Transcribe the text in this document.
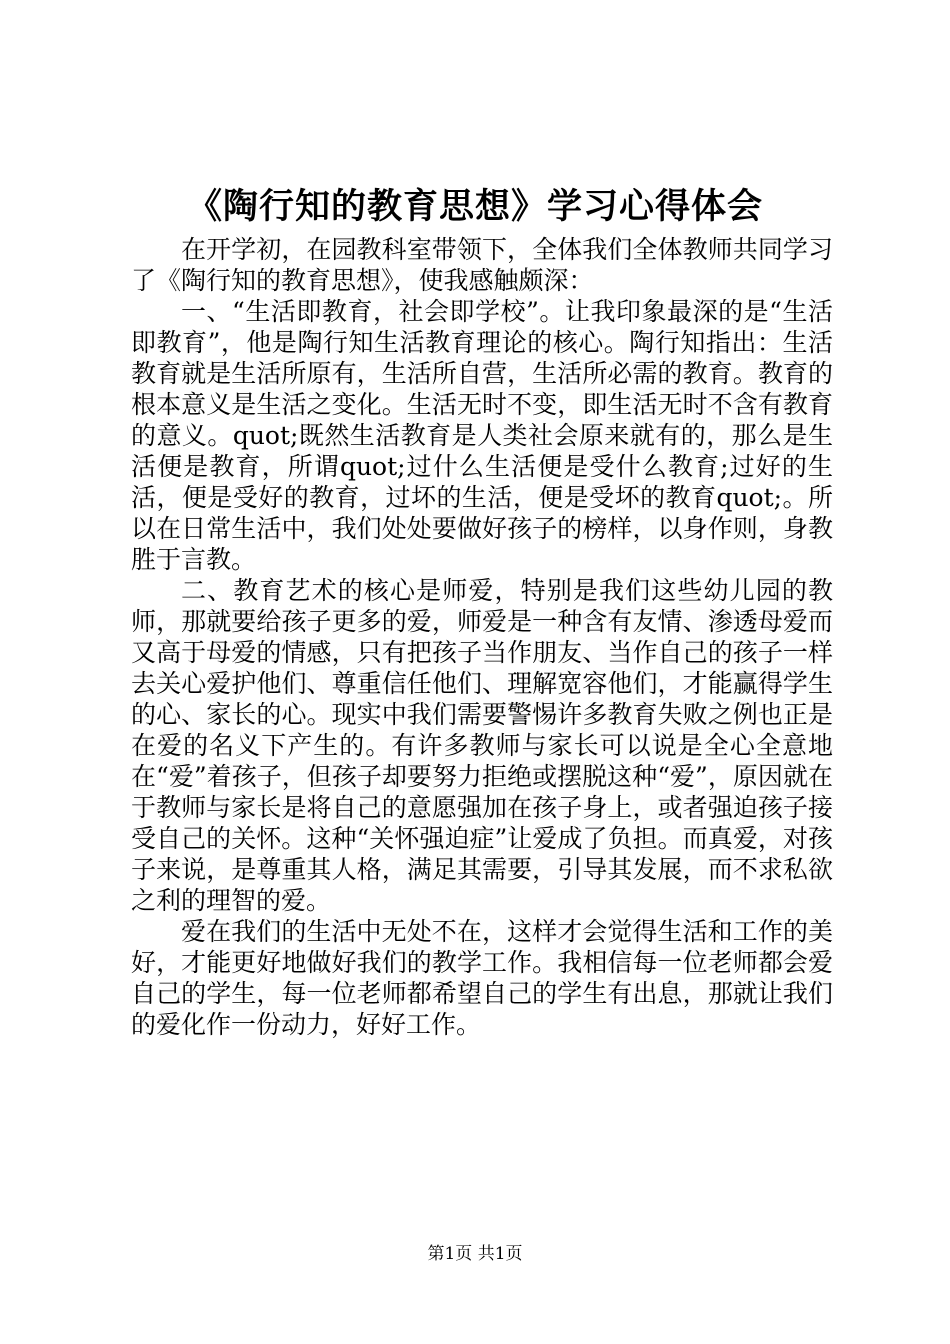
《陶行知的教育思想》学习心得体会

在开学初，在园教科室带领下，全体我们全体教师共同学习了《陶行知的教育思想》，使我感触颇深：

一、“生活即教育，社会即学校”。让我印象最深的是“生活即教育”，他是陶行知生活教育理论的核心。陶行知指出：生活教育就是生活所原有，生活所自营，生活所必需的教育。教育的根本意义是生活之变化。生活无时不变，即生活无时不含有教育的意义。quot;既然生活教育是人类社会原来就有的，那么是生活便是教育，所谓quot;过什么生活便是受什么教育;过好的生活，便是受好的教育，过坏的生活，便是受坏的教育quot;。所以在日常生活中，我们处处要做好孩子的榜样，以身作则，身教胜于言教。

二、教育艺术的核心是师爱，特别是我们这些幼儿园的教师，那就要给孩子更多的爱，师爱是一种含有友情、渗透母爱而又高于母爱的情感，只有把孩子当作朋友、当作自己的孩子一样去关心爱护他们、尊重信任他们、理解宽容他们，才能赢得学生的心、家长的心。现实中我们需要警惕许多教育失败之例也正是在爱的名义下产生的。有许多教师与家长可以说是全心全意地在“爱”着孩子，但孩子却要努力拒绝或摆脱这种“爱”，原因就在于教师与家长是将自己的意愿强加在孩子身上，或者强迫孩子接受自己的关怀。这种“关怀强迫症”让爱成了负担。而真爱，对孩子来说，是尊重其人格，满足其需要，引导其发展，而不求私欲之利的理智的爱。

爱在我们的生活中无处不在，这样才会觉得生活和工作的美好，才能更好地做好我们的教学工作。我相信每一位老师都会爱自己的学生，每一位老师都希望自己的学生有出息，那就让我们的爱化作一份动力，好好工作。

第1页 共1页
